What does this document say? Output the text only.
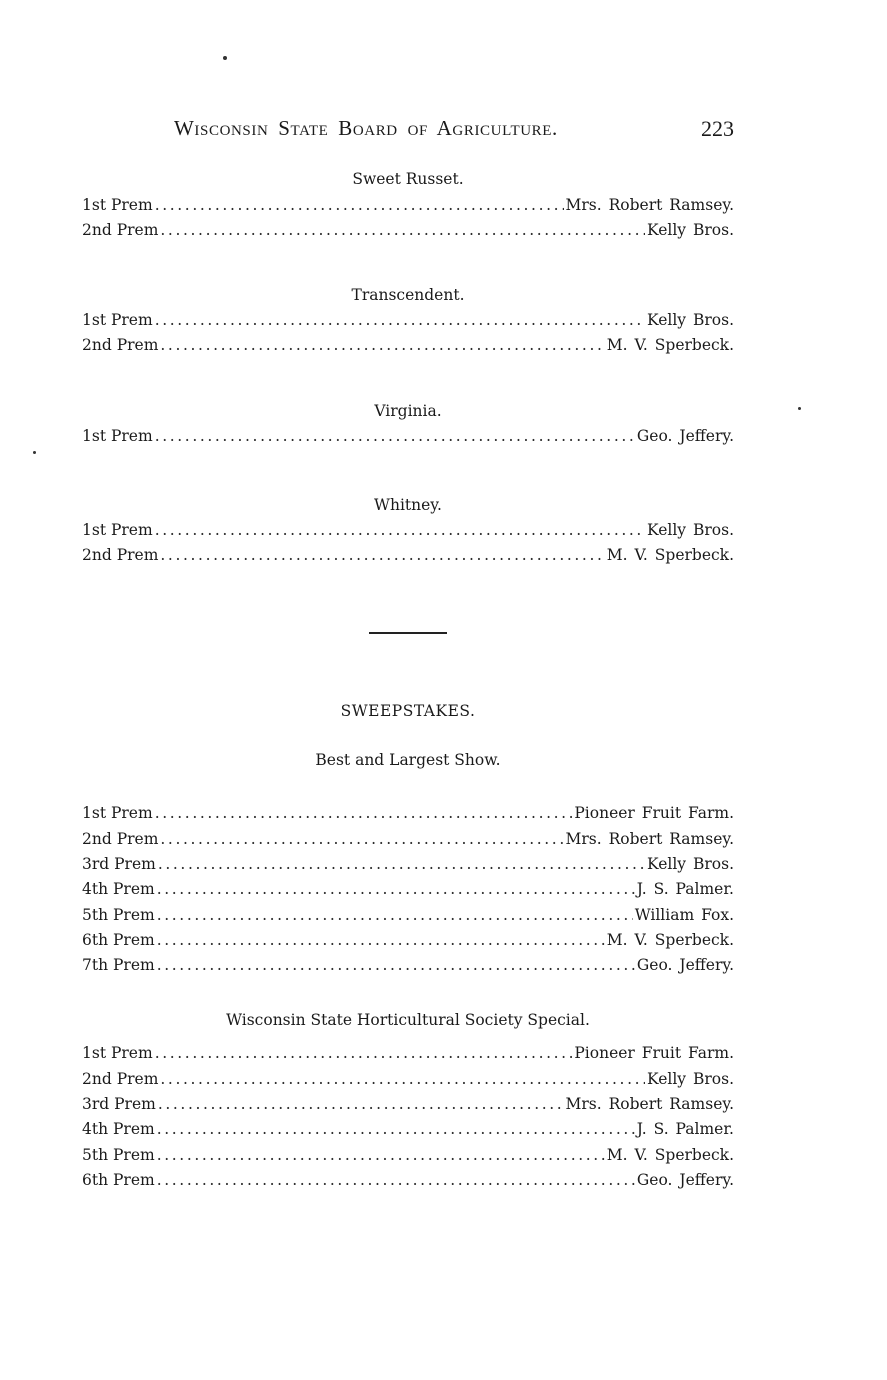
Wisconsin State Board of Agriculture.	223
Sweet Russet.
1st Prem .....	Mrs. Robert Ramsey.
2nd Prem .....	Kelly Bros.
Transcendent.
1st Prem .....	Kelly Bros.
2nd Prem .....	M. V. Sperbeck.
Virginia.
1st Prem .....	Geo. Jeffery.
Whitney.
1st Prem .....	Kelly Bros.
2nd Prem .....	M. V. Sperbeck.
SWEEPSTAKES.
Best and Largest Show.
1st Prem .....	Pioneer Fruit Farm.
2nd Prem .....	Mrs. Robert Ramsey.
3rd Prem .....	Kelly Bros.
4th Prem .....	J. S. Palmer.
5th Prem .....	William Fox.
6th Prem .....	M. V. Sperbeck.
7th Prem .....	Geo. Jeffery.
Wisconsin State Horticultural Society Special.
1st Prem .....	Pioneer Fruit Farm.
2nd Prem .....	Kelly Bros.
3rd Prem .....	Mrs. Robert Ramsey.
4th Prem .....	J. S. Palmer.
5th Prem .....	M. V. Sperbeck.
6th Prem .....	Geo. Jeffery.
